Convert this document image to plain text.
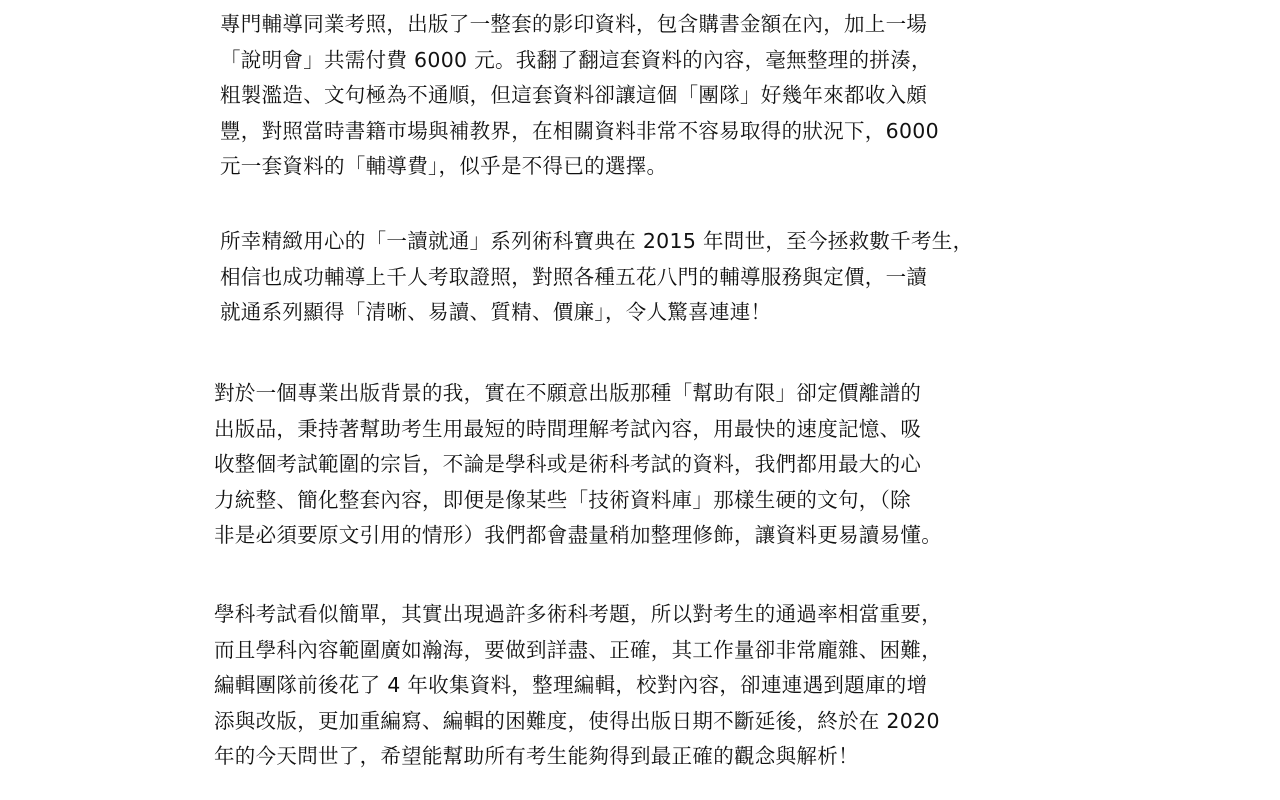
專門輔導同業考照，出版了一整套的影印資料，包含購書金額在內，加上一場
「說明會」共需付費 6000 元。我翻了翻這套資料的內容，毫無整理的拼湊，
粗製濫造、文句極為不通順，但這套資料卻讓這個「團隊」好幾年來都收入頗
豐，對照當時書籍市場與補教界，在相關資料非常不容易取得的狀況下，6000
元一套資料的「輔導費」，似乎是不得已的選擇。

所幸精緻用心的「一讀就通」系列術科寶典在 2015 年問世，至今拯救數千考生，
相信也成功輔導上千人考取證照，對照各種五花八門的輔導服務與定價，一讀
就通系列顯得「清晰、易讀、質精、價廉」，令人驚喜連連！

對於一個專業出版背景的我，實在不願意出版那種「幫助有限」卻定價離譜的
出版品，秉持著幫助考生用最短的時間理解考試內容，用最快的速度記憶、吸
收整個考試範圍的宗旨，不論是學科或是術科考試的資料，我們都用最大的心
力統整、簡化整套內容，即便是像某些「技術資料庫」那樣生硬的文句，（除
非是必須要原文引用的情形）我們都會盡量稍加整理修飾，讓資料更易讀易懂。

學科考試看似簡單，其實出現過許多術科考題，所以對考生的通過率相當重要，
而且學科內容範圍廣如瀚海，要做到詳盡、正確，其工作量卻非常龐雜、困難，
編輯團隊前後花了 4 年收集資料，整理編輯，校對內容，卻連連遇到題庫的增
添與改版，更加重編寫、編輯的困難度，使得出版日期不斷延後，終於在 2020
年的今天問世了，希望能幫助所有考生能夠得到最正確的觀念與解析！
